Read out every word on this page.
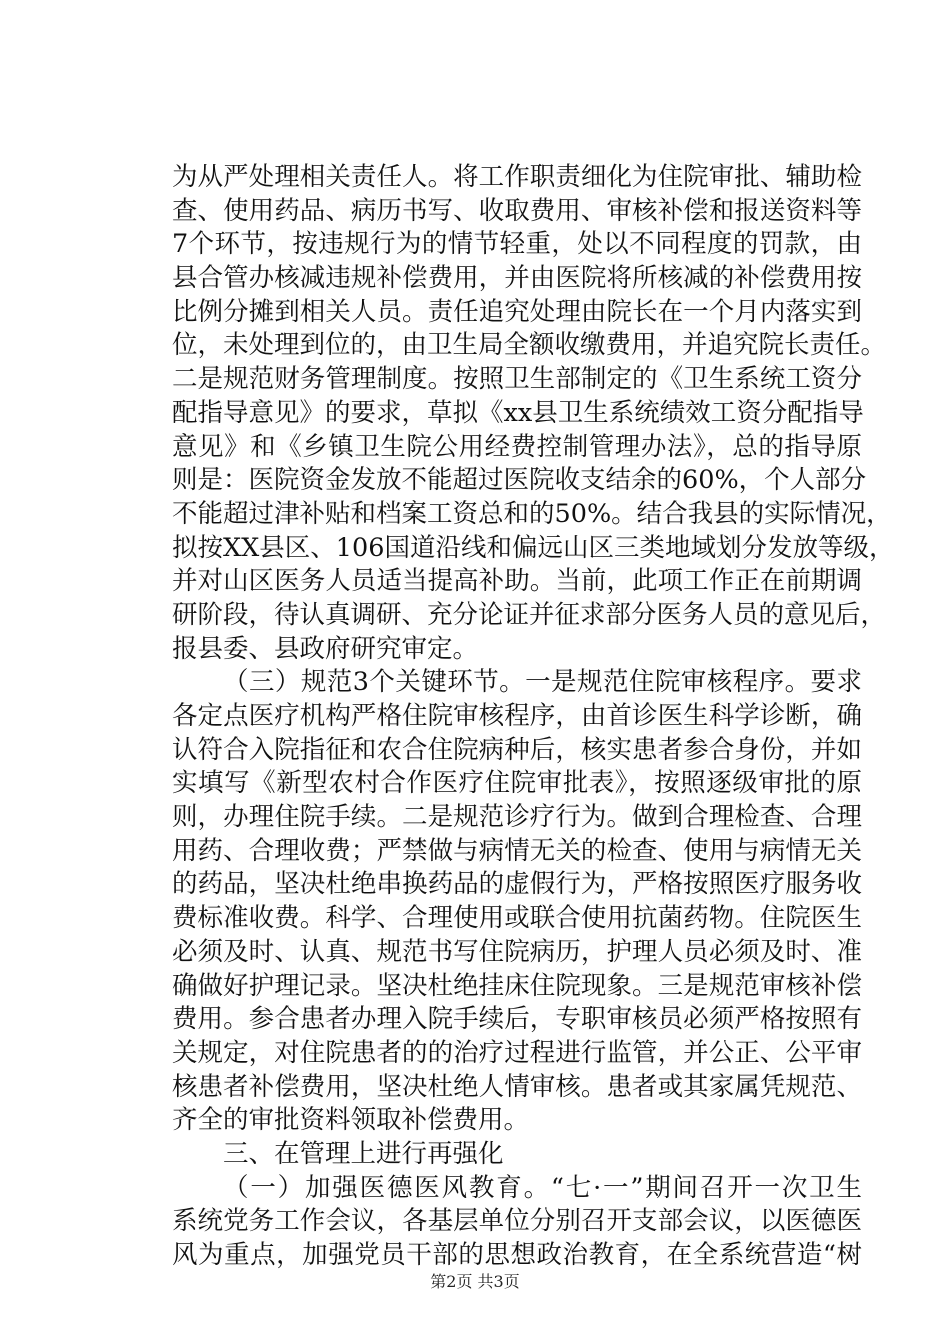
为从严处理相关责任人。将工作职责细化为住院审批、辅助检
查、使用药品、病历书写、收取费用、审核补偿和报送资料等
7个环节，按违规行为的情节轻重，处以不同程度的罚款，由
县合管办核减违规补偿费用，并由医院将所核减的补偿费用按
比例分摊到相关人员。责任追究处理由院长在一个月内落实到
位，未处理到位的，由卫生局全额收缴费用，并追究院长责任。
二是规范财务管理制度。按照卫生部制定的《卫生系统工资分
配指导意见》的要求，草拟《xx县卫生系统绩效工资分配指导
意见》和《乡镇卫生院公用经费控制管理办法》，总的指导原
则是：医院资金发放不能超过医院收支结余的60%，个人部分
不能超过津补贴和档案工资总和的50%。结合我县的实际情况，
拟按XX县区、106国道沿线和偏远山区三类地域划分发放等级，
并对山区医务人员适当提高补助。当前，此项工作正在前期调
研阶段，待认真调研、充分论证并征求部分医务人员的意见后，
报县委、县政府研究审定。
（三）规范3个关键环节。一是规范住院审核程序。要求
各定点医疗机构严格住院审核程序，由首诊医生科学诊断，确
认符合入院指征和农合住院病种后，核实患者参合身份，并如
实填写《新型农村合作医疗住院审批表》，按照逐级审批的原
则，办理住院手续。二是规范诊疗行为。做到合理检查、合理
用药、合理收费；严禁做与病情无关的检查、使用与病情无关
的药品，坚决杜绝串换药品的虚假行为，严格按照医疗服务收
费标准收费。科学、合理使用或联合使用抗菌药物。住院医生
必须及时、认真、规范书写住院病历，护理人员必须及时、准
确做好护理记录。坚决杜绝挂床住院现象。三是规范审核补偿
费用。参合患者办理入院手续后，专职审核员必须严格按照有
关规定，对住院患者的的治疗过程进行监管，并公正、公平审
核患者补偿费用，坚决杜绝人情审核。患者或其家属凭规范、
齐全的审批资料领取补偿费用。
三、在管理上进行再强化
（一）加强医德医风教育。“七·一”期间召开一次卫生
系统党务工作会议，各基层单位分别召开支部会议，以医德医
风为重点，加强党员干部的思想政治教育，在全系统营造“树
第2页 共3页
